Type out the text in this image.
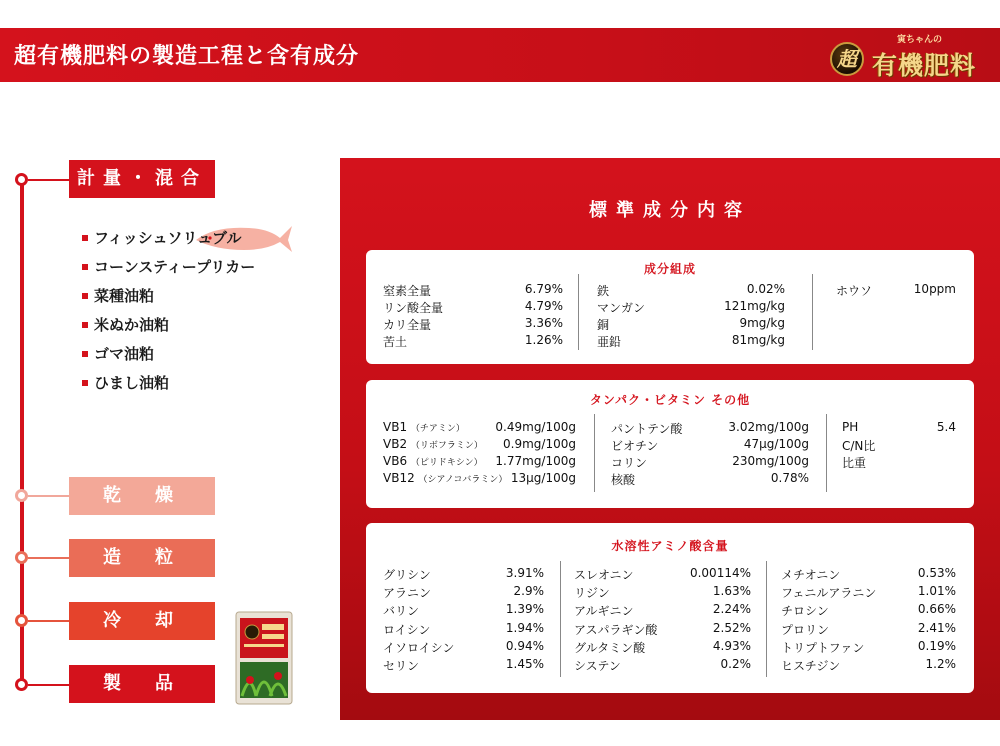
超有機肥料の製造工程と含有成分	超
寅ちゃんの
有機肥料
計量・混合
乾　燥
造　粒
冷　却
製　品
フィッシュソリュブル
コーンスティープリカー
菜種油粕
米ぬか油粕
ゴマ油粕
ひまし油粕
標準成分内容
成分組成
窒素全量	6.79%
リン酸全量	4.79%
カリ全量	3.36%
苦土	1.26%
鉄	0.02%
マンガン	121mg/kg
銅	9mg/kg
亜鉛	81mg/kg
ホウソ	10ppm
タンパク・ビタミン その他
VB1 （チアミン）	0.49mg/100g
VB2 （リボフラミン） 0.9mg/100g
VB6 （ピリドキシン） 1.77mg/100g
VB12 （シアノコバラミン） 13μg/100g
パントテン酸	3.02mg/100g
ビオチン	47μg/100g
コリン	230mg/100g
核酸	0.78%
PH	5.4
C/N比
比重
水溶性アミノ酸含量
グリシン	3.91%
アラニン	2.9%
バリン	1.39%
ロイシン	1.94%
イソロイシン	0.94%
セリン	1.45%
スレオニン	0.00114%
リジン	1.63%
アルギニン	2.24%
アスパラギン酸	2.52%
グルタミン酸	4.93%
システン	0.2%
メチオニン	0.53%
フェニルアラニン	1.01%
チロシン	0.66%
プロリン	2.41%
トリプトファン	0.19%
ヒスチジン	1.2%
